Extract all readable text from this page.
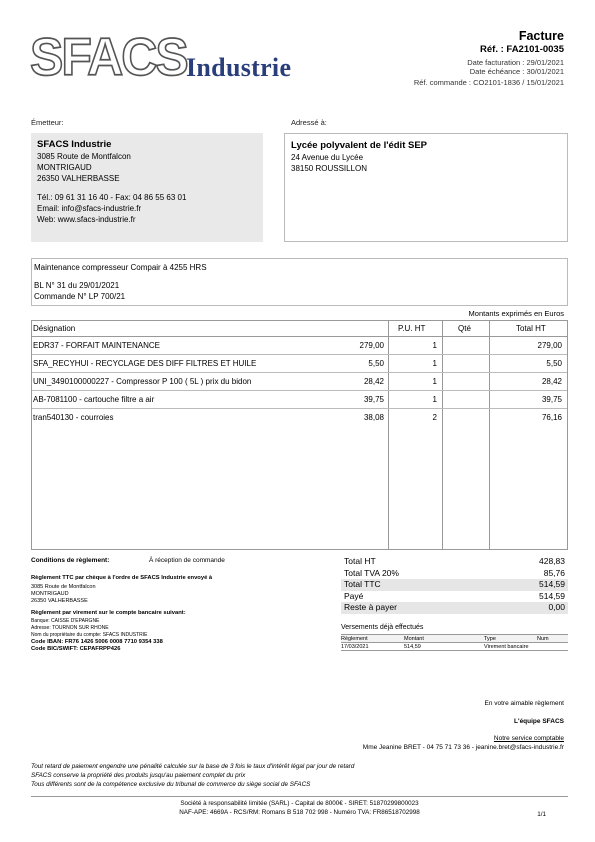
SFACS Industrie
Facture
Réf. : FA2101-0035
Date facturation : 29/01/2021
Date échéance : 30/01/2021
Réf. commande : CO2101-1836 / 15/01/2021
Émetteur:	Adressé à:
SFACS Industrie
3085 Route de Montfalcon
MONTRIGAUD
26350 VALHERBASSE
Tél.: 09 61 31 16 40 - Fax: 04 86 55 63 01
Email: info@sfacs-industrie.fr
Web: www.sfacs-industrie.fr
Lycée polyvalent de l'édit SEP
24 Avenue du Lycée
38150 ROUSSILLON
Maintenance compresseur Compair à 4255 HRS
BL N° 31 du 29/01/2021
Commande N° LP 700/21
Montants exprimés en Euros
Désignation	P.U. HT	Qté	Total HT
EDR37 - FORFAIT MAINTENANCE	279,00	1	279,00
SFA_RECYHUI - RECYCLAGE DES DIFF FILTRES ET HUILE	5,50	1	5,50
UNI_3490100000227 - Compressor P 100 ( 5L ) prix du bidon	28,42	1	28,42
AB-7081100 - cartouche filtre a air	39,75	1	39,75
tran540130 - courroies	38,08	2	76,16
Conditions de règlement:	À réception de commande
Règlement TTC par chèque à l'ordre de SFACS Industrie envoyé à
3085 Route de Montfalcon
MONTRIGAUD
26350 VALHERBASSE
Règlement par virement sur le compte bancaire suivant:
Banque: CAISSE D'EPARGNE
Adresse: TOURNON SUR RHONE
Nom du propriétaire du compte: SFACS INDUSTRIE
Code IBAN: FR76 1426 5006 0008 7710 9354 338
Code BIC/SWIFT: CEPAFRPP426
Total HT	428,83
Total TVA 20%	85,76
Total TTC	514,59
Payé	514,59
Reste à payer	0,00
Versements déjà effectués
Règlement	Montant	Type	Num
17/03/2021	514,59	Virement bancaire
En votre aimable règlement
L'équipe SFACS
Notre service comptable
Mme Jeanine BRET - 04 75 71 73 36 - jeanine.bret@sfacs-industrie.fr
Tout retard de paiement engendre une pénalité calculée sur la base de 3 fois le taux d'intérêt légal par jour de retard
SFACS conserve la propriété des produits jusqu'au paiement complet du prix
Tous différents sont de la compétence exclusive du tribunal de commerce du siège social de SFACS
Société à responsabilité limitée (SARL) - Capital de 8000€ - SIRET: 51870299800023
NAF-APE: 4669A - RCS/RM: Romans B 518 702 998 - Numéro TVA: FR86518702998	1/1
